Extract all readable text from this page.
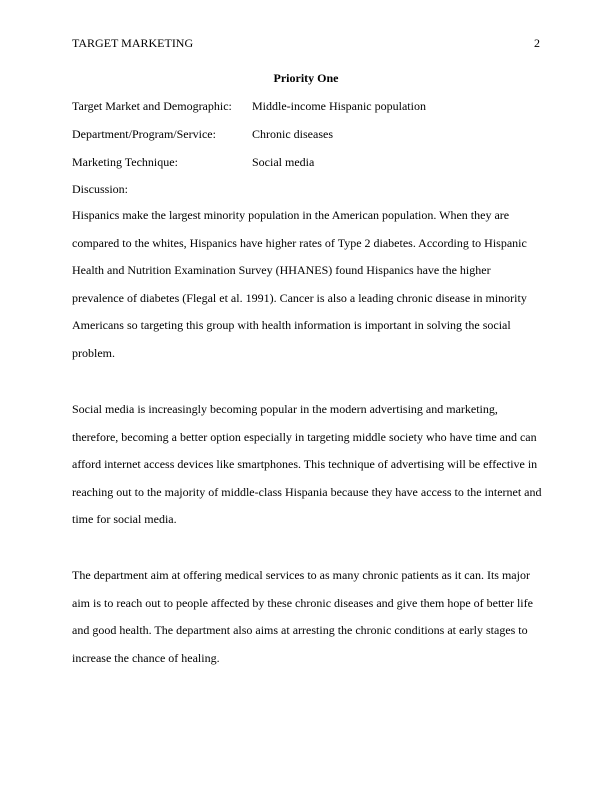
TARGET MARKETING	2
Priority One
Target Market and Demographic: Middle-income Hispanic population
Department/Program/Service:	Chronic diseases
Marketing Technique:	Social media
Discussion:

Hispanics make the largest minority population in the American population. When they are compared to the whites, Hispanics have higher rates of Type 2 diabetes. According to Hispanic Health and Nutrition Examination Survey (HHANES) found Hispanics have the higher prevalence of diabetes (Flegal et al. 1991). Cancer is also a leading chronic disease in minority Americans so targeting this group with health information is important in solving the social problem.

Social media is increasingly becoming popular in the modern advertising and marketing, therefore, becoming a better option especially in targeting middle society who have time and can afford internet access devices like smartphones. This technique of advertising will be effective in reaching out to the majority of middle-class Hispania because they have access to the internet and time for social media.

The department aim at offering medical services to as many chronic patients as it can. Its major aim is to reach out to people affected by these chronic diseases and give them hope of better life and good health. The department also aims at arresting the chronic conditions at early stages to increase the chance of healing.
